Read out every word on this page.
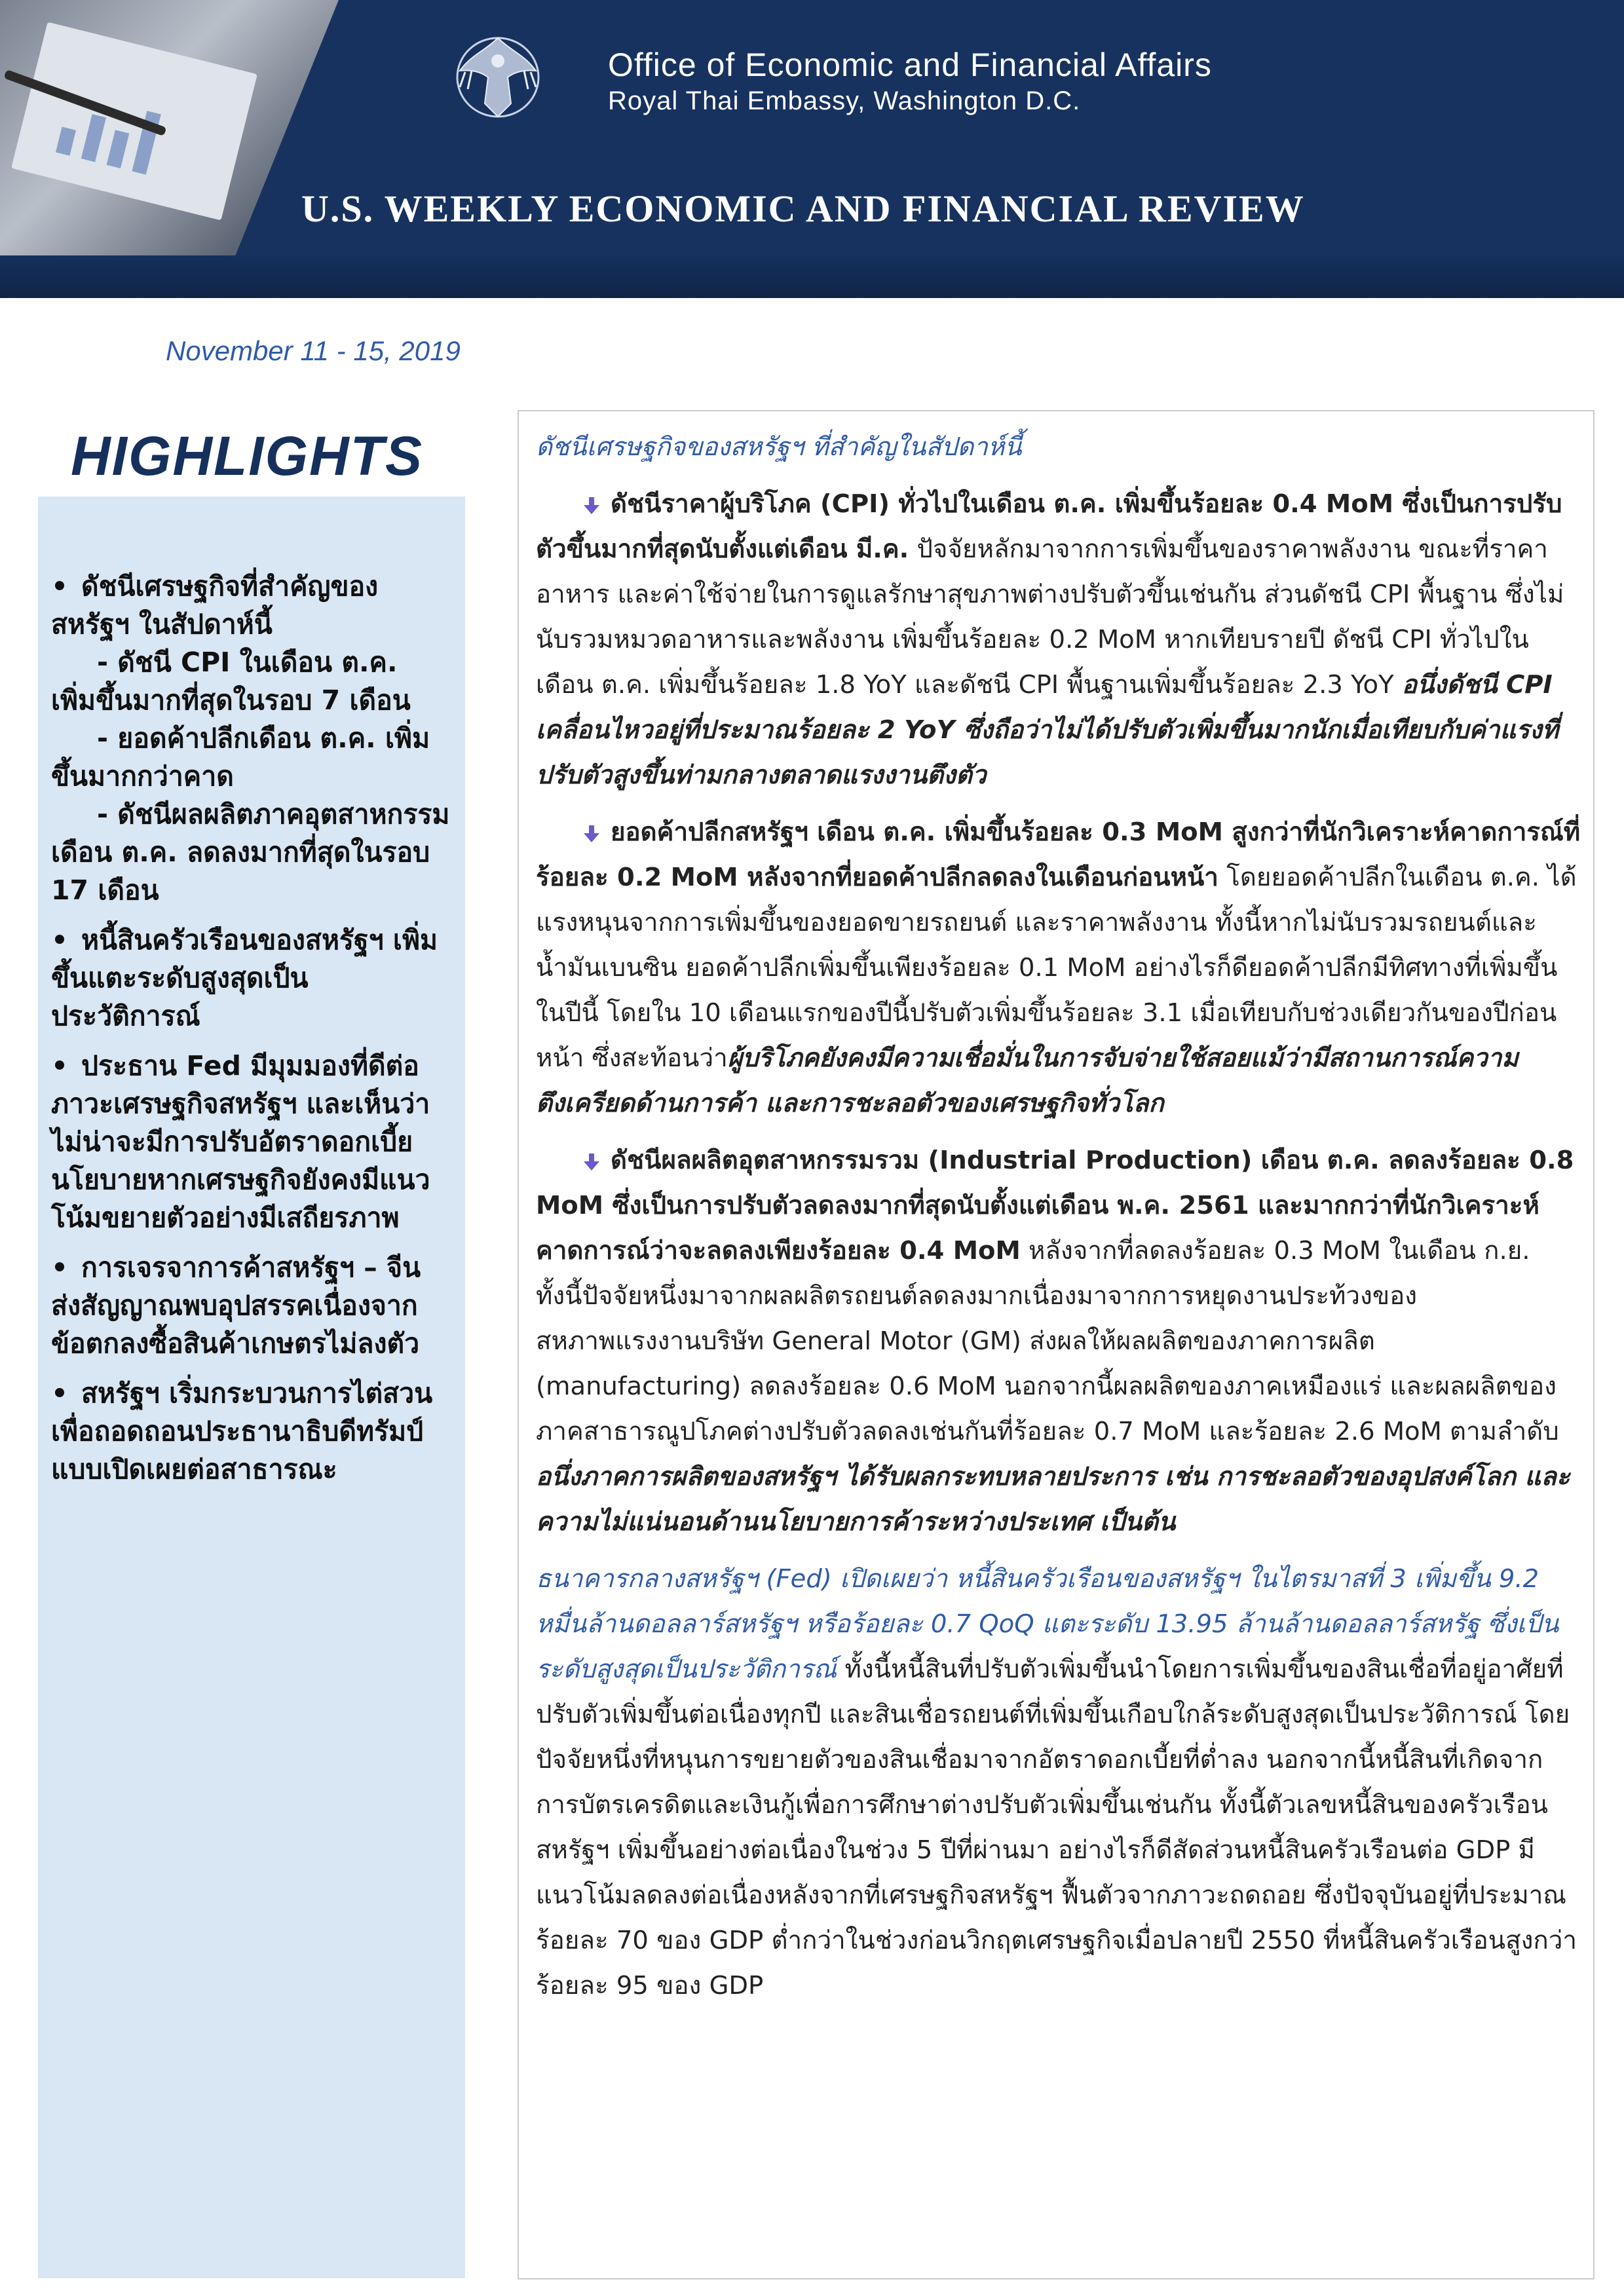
Office of Economic and Financial Affairs
Royal Thai Embassy, Washington D.C.
U.S. WEEKLY ECONOMIC AND FINANCIAL REVIEW
November 11 - 15, 2019
HIGHLIGHTS
ดัชนีเศรษฐกิจที่สำคัญของสหรัฐฯ ในสัปดาห์นี้
- ดัชนี CPI ในเดือน ต.ค. เพิ่มขึ้นมากที่สุดในรอบ 7 เดือน
- ยอดค้าปลีกเดือน ต.ค. เพิ่มขึ้นมากกว่าคาด
- ดัชนีผลผลิตภาคอุตสาหกรรมเดือน ต.ค. ลดลงมากที่สุดในรอบ 17 เดือน
หนี้สินครัวเรือนของสหรัฐฯ เพิ่มขึ้นแตะระดับสูงสุดเป็นประวัติการณ์
ประธาน Fed มีมุมมองที่ดีต่อภาวะเศรษฐกิจสหรัฐฯ และเห็นว่า ไม่น่าจะมีการปรับอัตราดอกเบี้ยนโยบายหากเศรษฐกิจยังคงมีแนวโน้มขยายตัวอย่างมีเสถียรภาพ
การเจรจาการค้าสหรัฐฯ – จีน ส่งสัญญาณพบอุปสรรคเนื่องจากข้อตกลงซื้อสินค้าเกษตรไม่ลงตัว
สหรัฐฯ เริ่มกระบวนการไต่สวนเพื่อถอดถอนประธานาธิบดีทรัมป์ แบบเปิดเผยต่อสาธารณะ

ดัชนีเศรษฐกิจของสหรัฐฯ ที่สำคัญในสัปดาห์นี้

ดัชนีราคาผู้บริโภค (CPI) ทั่วไปในเดือน ต.ค. เพิ่มขึ้นร้อยละ 0.4 MoM ซึ่งเป็นการปรับตัวขึ้นมากที่สุดนับตั้งแต่เดือน มี.ค. ปัจจัยหลักมาจากการเพิ่มขึ้นของราคาพลังงาน ขณะที่ราคาอาหาร และค่าใช้จ่ายในการดูแลรักษาสุขภาพต่างปรับตัวขึ้นเช่นกัน ส่วนดัชนี CPI พื้นฐาน ซึ่งไม่นับรวมหมวดอาหารและพลังงาน เพิ่มขึ้นร้อยละ 0.2 MoM หากเทียบรายปี ดัชนี CPI ทั่วไปในเดือน ต.ค. เพิ่มขึ้นร้อยละ 1.8 YoY และดัชนี CPI พื้นฐานเพิ่มขึ้นร้อยละ 2.3 YoY อนึ่งดัชนี CPI เคลื่อนไหวอยู่ที่ประมาณร้อยละ 2 YoY ซึ่งถือว่าไม่ได้ปรับตัวเพิ่มขึ้นมากนักเมื่อเทียบกับค่าแรงที่ปรับตัวสูงขึ้นท่ามกลางตลาดแรงงานตึงตัว

ยอดค้าปลีกสหรัฐฯ เดือน ต.ค. เพิ่มขึ้นร้อยละ 0.3 MoM สูงกว่าที่นักวิเคราะห์คาดการณ์ที่ร้อยละ 0.2 MoM หลังจากที่ยอดค้าปลีกลดลงในเดือนก่อนหน้า โดยยอดค้าปลีกในเดือน ต.ค. ได้แรงหนุนจากการเพิ่มขึ้นของยอดขายรถยนต์ และราคาพลังงาน ทั้งนี้หากไม่นับรวมรถยนต์และน้ำมันเบนซิน ยอดค้าปลีกเพิ่มขึ้นเพียงร้อยละ 0.1 MoM อย่างไรก็ดียอดค้าปลีกมีทิศทางที่เพิ่มขึ้นในปีนี้ โดยใน 10 เดือนแรกของปีนี้ปรับตัวเพิ่มขึ้นร้อยละ 3.1 เมื่อเทียบกับช่วงเดียวกันของปีก่อนหน้า ซึ่งสะท้อนว่าผู้บริโภคยังคงมีความเชื่อมั่นในการจับจ่ายใช้สอยแม้ว่ามีสถานการณ์ความตึงเครียดด้านการค้า และการชะลอตัวของเศรษฐกิจทั่วโลก

ดัชนีผลผลิตอุตสาหกรรมรวม (Industrial Production) เดือน ต.ค. ลดลงร้อยละ 0.8 MoM ซึ่งเป็นการปรับตัวลดลงมากที่สุดนับตั้งแต่เดือน พ.ค. 2561 และมากกว่าที่นักวิเคราะห์คาดการณ์ว่าจะลดลงเพียงร้อยละ 0.4 MoM หลังจากที่ลดลงร้อยละ 0.3 MoM ในเดือน ก.ย. ทั้งนี้ปัจจัยหนึ่งมาจากผลผลิตรถยนต์ลดลงมากเนื่องมาจากการหยุดงานประท้วงของสหภาพแรงงานบริษัท General Motor (GM) ส่งผลให้ผลผลิตของภาคการผลิต (manufacturing) ลดลงร้อยละ 0.6 MoM นอกจากนี้ผลผลิตของภาคเหมืองแร่ และผลผลิตของภาคสาธารณูปโภคต่างปรับตัวลดลงเช่นกันที่ร้อยละ 0.7 MoM และร้อยละ 2.6 MoM ตามลำดับ อนึ่งภาคการผลิตของสหรัฐฯ ได้รับผลกระทบหลายประการ เช่น การชะลอตัวของอุปสงค์โลก และความไม่แน่นอนด้านนโยบายการค้าระหว่างประเทศ เป็นต้น

ธนาคารกลางสหรัฐฯ (Fed) เปิดเผยว่า หนี้สินครัวเรือนของสหรัฐฯ ในไตรมาสที่ 3 เพิ่มขึ้น 9.2 หมื่นล้านดอลลาร์สหรัฐฯ หรือร้อยละ 0.7 QoQ แตะระดับ 13.95 ล้านล้านดอลลาร์สหรัฐ ซึ่งเป็นระดับสูงสุดเป็นประวัติการณ์ ทั้งนี้หนี้สินที่ปรับตัวเพิ่มขึ้นนำโดยการเพิ่มขึ้นของสินเชื่อที่อยู่อาศัยที่ปรับตัวเพิ่มขึ้นต่อเนื่องทุกปี และสินเชื่อรถยนต์ที่เพิ่มขึ้นเกือบใกล้ระดับสูงสุดเป็นประวัติการณ์ โดยปัจจัยหนึ่งที่หนุนการขยายตัวของสินเชื่อมาจากอัตราดอกเบี้ยที่ต่ำลง นอกจากนี้หนี้สินที่เกิดจากการบัตรเครดิตและเงินกู้เพื่อการศึกษาต่างปรับตัวเพิ่มขึ้นเช่นกัน ทั้งนี้ตัวเลขหนี้สินของครัวเรือนสหรัฐฯ เพิ่มขึ้นอย่างต่อเนื่องในช่วง 5 ปีที่ผ่านมา อย่างไรก็ดีสัดส่วนหนี้สินครัวเรือนต่อ GDP มีแนวโน้มลดลงต่อเนื่องหลังจากที่เศรษฐกิจสหรัฐฯ ฟื้นตัวจากภาวะถดถอย ซึ่งปัจจุบันอยู่ที่ประมาณร้อยละ 70 ของ GDP ต่ำกว่าในช่วงก่อนวิกฤตเศรษฐกิจเมื่อปลายปี 2550 ที่หนี้สินครัวเรือนสูงกว่าร้อยละ 95 ของ GDP
